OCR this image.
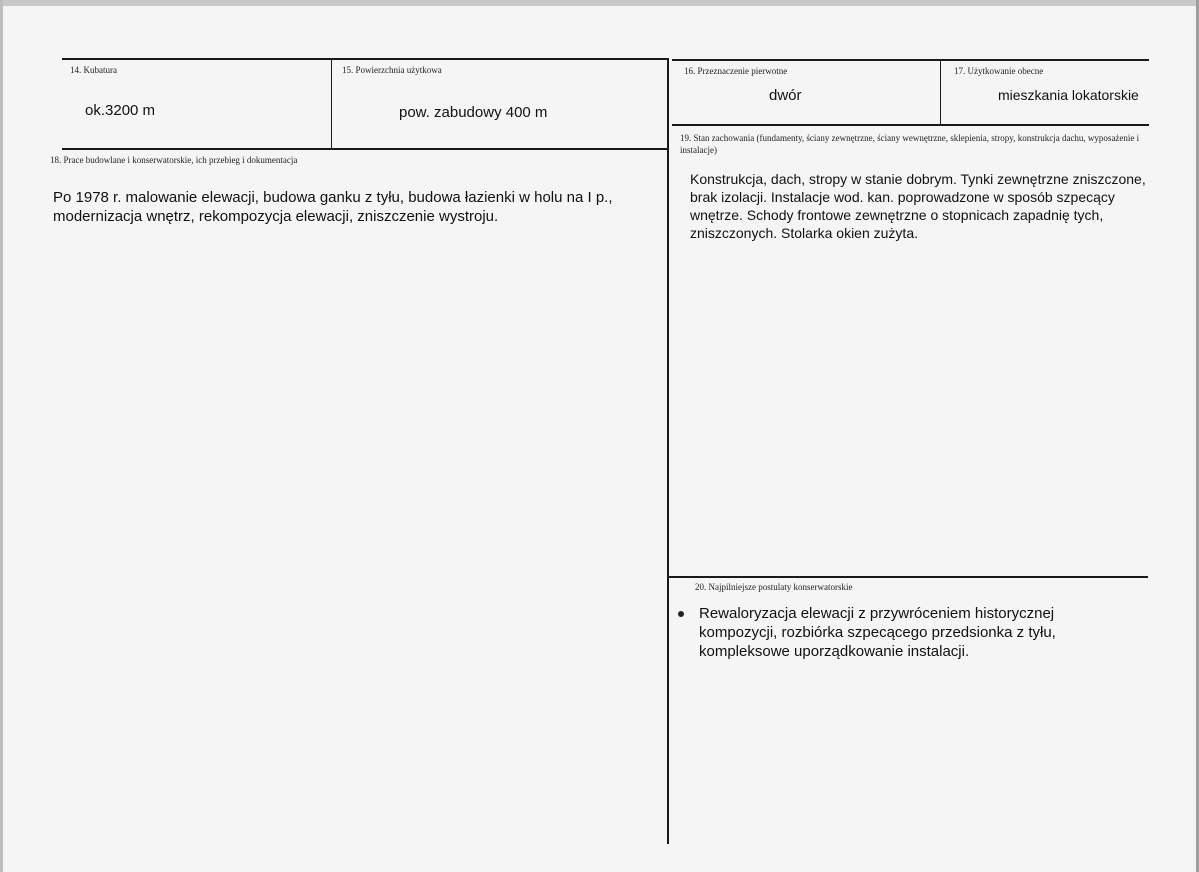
14. Kubatura
ok.3200 m
15. Powierzchnia użytkowa
pow. zabudowy 400 m
16. Przeznaczenie pierwotne
dwór
17. Użytkowanie obecne
mieszkania lokatorskie
18. Prace budowlane i konserwatorskie, ich przebieg i dokumentacja
Po 1978 r. malowanie elewacji, budowa ganku z tyłu, budowa łazienki w holu na I p., modernizacja wnętrz, rekompozycja elewacji, zniszczenie wystroju.
19. Stan zachowania (fundamenty, ściany zewnętrzne, ściany wewnętrzne, sklepienia, stropy, konstrukcja dachu, wyposażenie i instalacje)
Konstrukcja, dach, stropy w stanie dobrym. Tynki zewnętrzne zniszczone, brak izolacji. Instalacje wod. kan. poprowadzone w sposób szpecący wnętrze. Schody frontowe zewnętrzne o stopnicach zapadnię tych, zniszczonych. Stolarka okien zużyta.
20. Najpilniejsze postulaty konserwatorskie
Rewaloryzacja elewacji z przywróceniem historycznej kompozycji, rozbiórka szpecącego przedsionka z tyłu, kompleksowe uporządkowanie instalacji.
